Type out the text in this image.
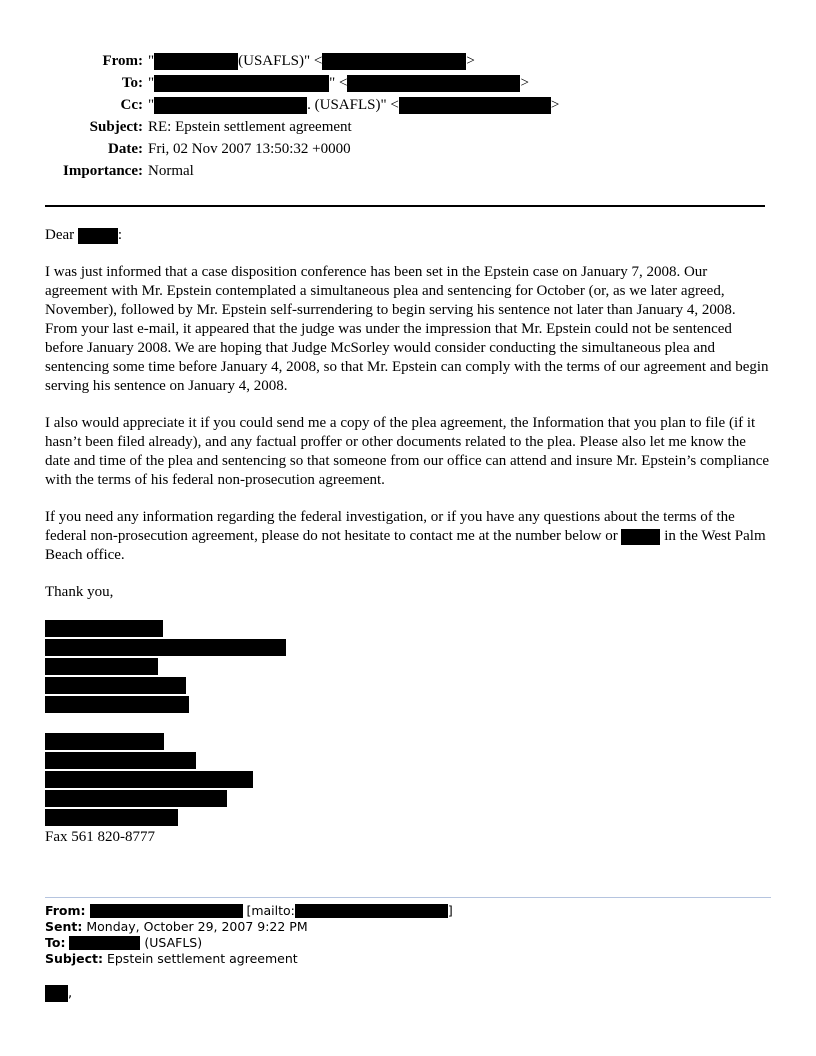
From: "	(USAFLS)" <	>
To: "	" <	>
Cc: "	. (USAFLS)" <	>
Subject: RE: Epstein settlement agreement
Date: Fri, 02 Nov 2007 13:50:32 +0000
Importance: Normal

Dear	:

I was just informed that a case disposition conference has been set in the Epstein case on January 7, 2008. Our agreement with Mr. Epstein contemplated a simultaneous plea and sentencing for October (or, as we later agreed, November), followed by Mr. Epstein self-surrendering to begin serving his sentence not later than January 4, 2008. From your last e-mail, it appeared that the judge was under the impression that Mr. Epstein could not be sentenced before January 2008. We are hoping that Judge McSorley would consider conducting the simultaneous plea and sentencing some time before January 4, 2008, so that Mr. Epstein can comply with the terms of our agreement and begin serving his sentence on January 4, 2008.

I also would appreciate it if you could send me a copy of the plea agreement, the Information that you plan to file (if it hasn’t been filed already), and any factual proffer or other documents related to the plea. Please also let me know the date and time of the plea and sentencing so that someone from our office can attend and insure Mr. Epstein’s compliance with the terms of his federal non-prosecution agreement.

If you need any information regarding the federal investigation, or if you have any questions about the terms of the federal non-prosecution agreement, please do not hesitate to contact me at the number below or	in the West Palm Beach office.

Thank you,

Fax 561 820-8777
From:
	[mailto:	]
Sent: Monday, October 29, 2007 9:22 PM
To:
	(USAFLS)
Subject: Epstein settlement agreement
,
